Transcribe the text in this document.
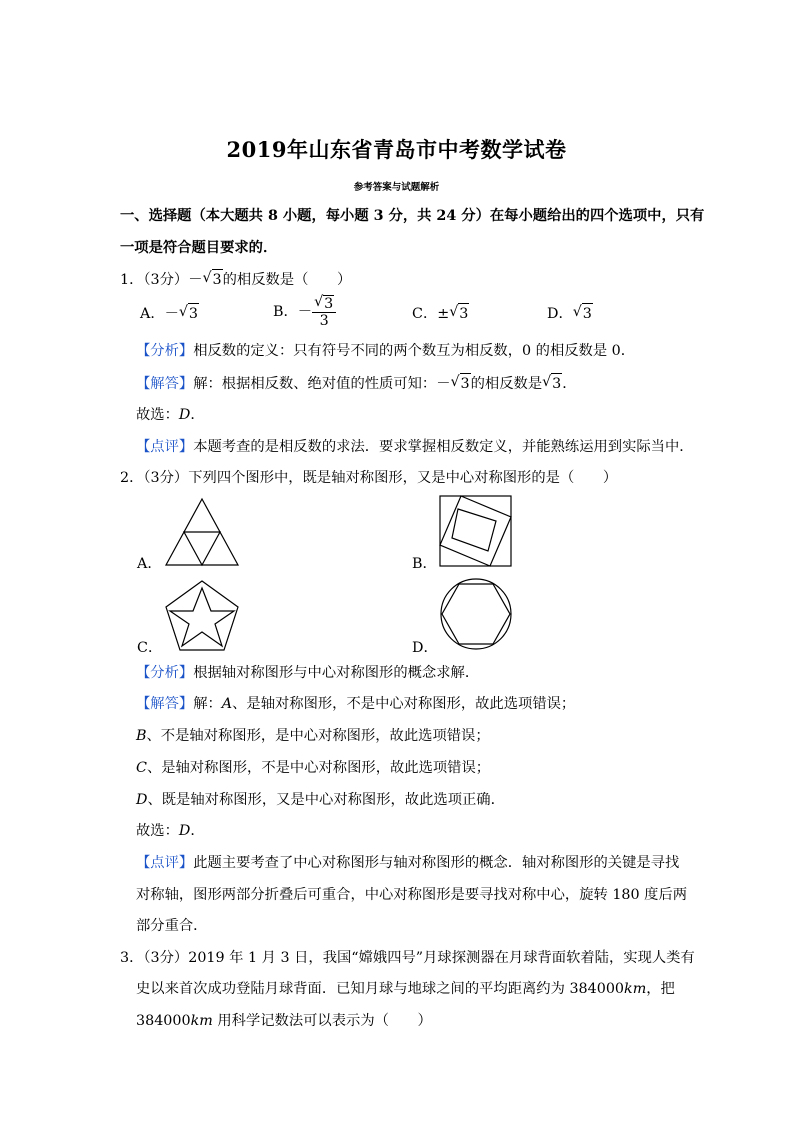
2019年山东省青岛市中考数学试卷
参考答案与试题解析
一、选择题（本大题共 8 小题，每小题 3 分，共 24 分）在每小题给出的四个选项中，只有
一项是符合题目要求的．
1．（3分）－ √ 3的相反数是（　　）
A．－ √ 3	B．－ √ $\frac{3}{3}$	C．± √ 3	D． √ 3
【分析】相反数的定义：只有符号不同的两个数互为相反数，0 的相反数是 0．
【解答】解：根据相反数、绝对值的性质可知：－ √ 3的相反数是 √ 3．
故选：D．
【点评】本题考查的是相反数的求法．要求掌握相反数定义，并能熟练运用到实际当中．
2．（3分）下列四个图形中，既是轴对称图形，又是中心对称图形的是（　　）
A．	B．
C．	D．
【分析】根据轴对称图形与中心对称图形的概念求解．
【解答】解：A、是轴对称图形，不是中心对称图形，故此选项错误；
B、不是轴对称图形，是中心对称图形，故此选项错误；
C、是轴对称图形，不是中心对称图形，故此选项错误；
D、既是轴对称图形，又是中心对称图形，故此选项正确．
故选：D．
【点评】此题主要考查了中心对称图形与轴对称图形的概念．轴对称图形的关键是寻找
对称轴，图形两部分折叠后可重合，中心对称图形是要寻找对称中心，旋转 180 度后两
部分重合．
3．（3分）2019 年 1 月 3 日，我国“嫦娥四号”月球探测器在月球背面软着陆，实现人类有
史以来首次成功登陆月球背面．已知月球与地球之间的平均距离约为 384000km，把
384000km 用科学记数法可以表示为（　　）
